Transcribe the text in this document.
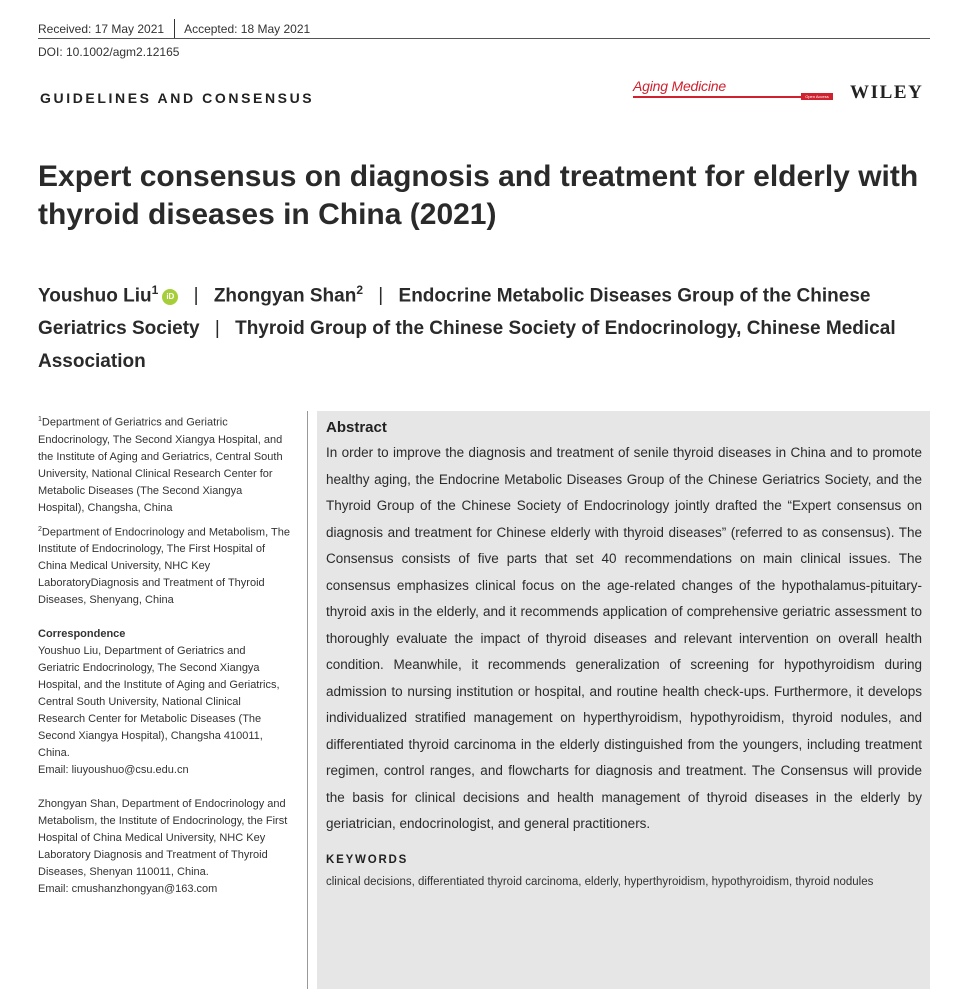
Received: 17 May 2021 Accepted: 18 May 2021
DOI: 10.1002/agm2.12165
GUIDELINES AND CONSENSUS
Aging Medicine
Open Access WILEY
Expert consensus on diagnosis and treatment for elderly with thyroid diseases in China (2021)

Youshuo Liu$^1$ iD | Zhongyan Shan$^2$ | Endocrine Metabolic Diseases Group of the Chinese Geriatrics Society | Thyroid Group of the Chinese Society of Endocrinology, Chinese Medical Association

$^1$Department of Geriatrics and Geriatric Endocrinology, The Second Xiangya Hospital, and the Institute of Aging and Geriatrics, Central South University, National Clinical Research Center for Metabolic Diseases (The Second Xiangya Hospital), Changsha, China

$^2$Department of Endocrinology and Metabolism, The Institute of Endocrinology, The First Hospital of China Medical University, NHC Key LaboratoryDiagnosis and Treatment of Thyroid Diseases, Shenyang, China

Correspondence

Youshuo Liu, Department of Geriatrics and Geriatric Endocrinology, The Second Xiangya Hospital, and the Institute of Aging and Geriatrics, Central South University, National Clinical Research Center for Metabolic Diseases (The Second Xiangya Hospital), Changsha 410011, China.
Email: liuyoushuo@csu.edu.cn

Zhongyan Shan, Department of Endocrinology and Metabolism, the Institute of Endocrinology, the First Hospital of China Medical University, NHC Key Laboratory Diagnosis and Treatment of Thyroid Diseases, Shenyan 110011, China.
Email: cmushanzhongyan@163.com

Abstract

In order to improve the diagnosis and treatment of senile thyroid diseases in China and to promote healthy aging, the Endocrine Metabolic Diseases Group of the Chinese Geriatrics Society, and the Thyroid Group of the Chinese Society of Endocrinology jointly drafted the “Expert consensus on diagnosis and treatment for Chinese elderly with thyroid diseases” (referred to as consensus). The Consensus consists of five parts that set 40 recommendations on main clinical issues. The consensus emphasizes clinical focus on the age-related changes of the hypothalamus-pituitary-thyroid axis in the elderly, and it recommends application of comprehensive geriatric assessment to thoroughly evaluate the impact of thyroid diseases and relevant intervention on overall health condition. Meanwhile, it recommends generalization of screening for hypothyroidism during admission to nursing institution or hospital, and routine health check-ups. Furthermore, it develops individualized stratified management on hyperthyroidism, hypothyroidism, thyroid nodules, and differentiated thyroid carcinoma in the elderly distinguished from the youngers, including treatment regimen, control ranges, and flowcharts for diagnosis and treatment. The Consensus will provide the basis for clinical decisions and health management of thyroid diseases in the elderly by geriatrician, endocrinologist, and general practitioners.

KEYWORDS
clinical decisions, differentiated thyroid carcinoma, elderly, hyperthyroidism, hypothyroidism, thyroid nodules
